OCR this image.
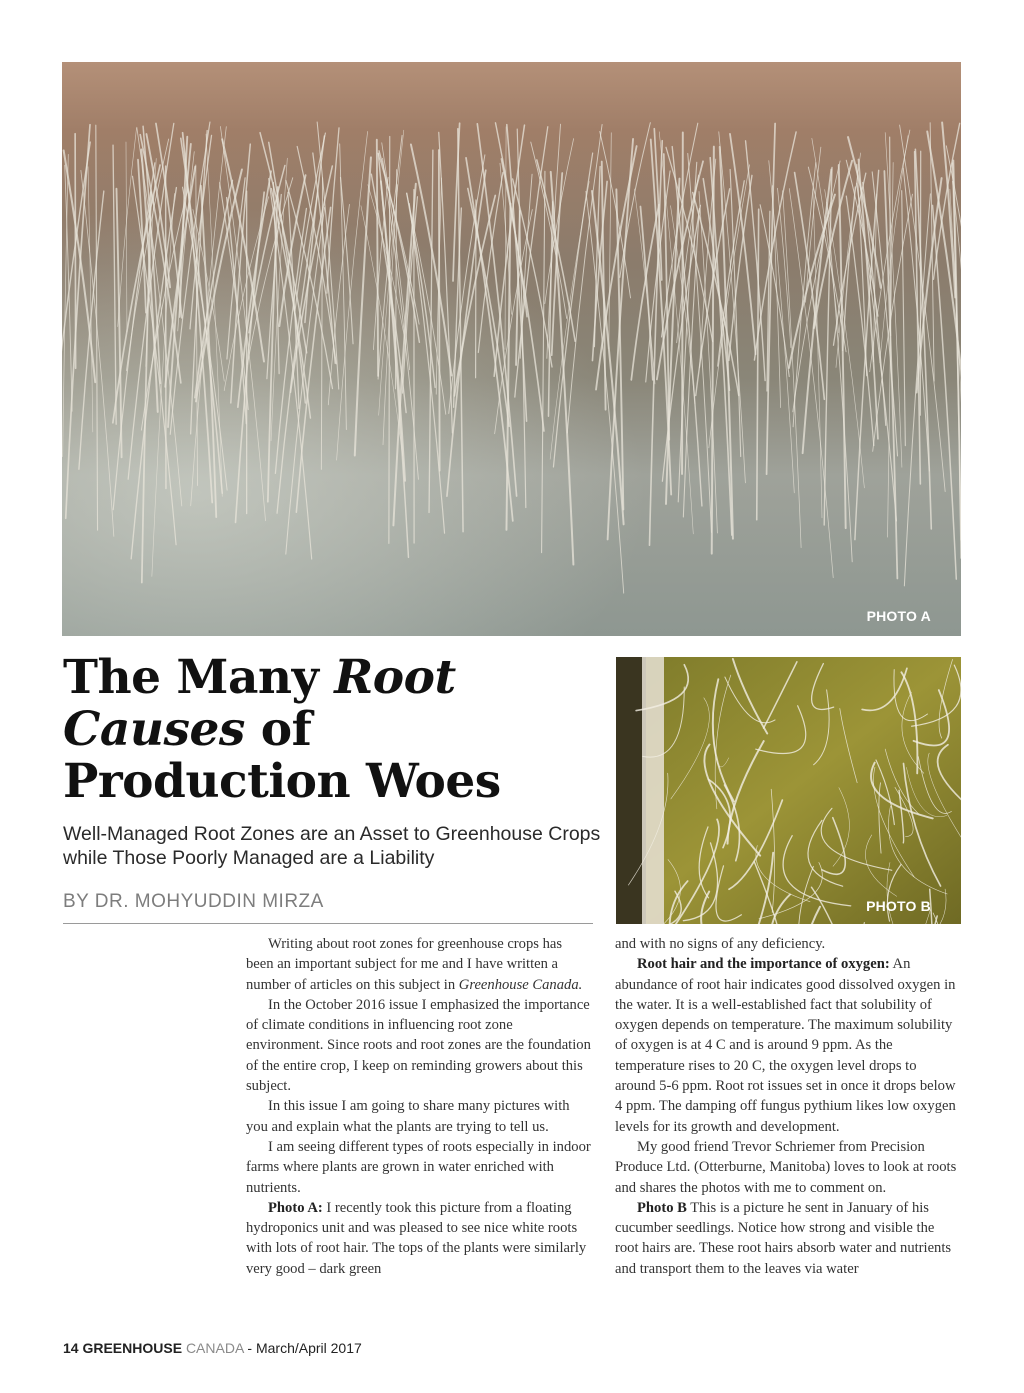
PHOTO A
The Many Root Causes of Production Woes
Well-Managed Root Zones are an Asset to Greenhouse Crops while Those Poorly Managed are a Liability
BY DR. MOHYUDDIN MIRZA	PHOTO B

Writing about root zones for greenhouse crops has been an important subject for me and I have written a number of articles on this subject in Greenhouse Canada.

In the October 2016 issue I emphasized the importance of climate conditions in influencing root zone environment. Since roots and root zones are the foundation of the entire crop, I keep on reminding growers about this subject.

In this issue I am going to share many pictures with you and explain what the plants are trying to tell us.

I am seeing different types of roots especially in indoor farms where plants are grown in water enriched with nutrients.

Photo A: I recently took this picture from a floating hydroponics unit and was pleased to see nice white roots with lots of root hair. The tops of the plants were similarly very good – dark green

and with no signs of any deficiency.

Root hair and the importance of oxygen: An abundance of root hair indicates good dissolved oxygen in the water. It is a well-established fact that solubility of oxygen depends on temperature. The maximum solubility of oxygen is at 4 C and is around 9 ppm. As the temperature rises to 20 C, the oxygen level drops to around 5-6 ppm. Root rot issues set in once it drops below 4 ppm. The damping off fungus pythium likes low oxygen levels for its growth and development.

My good friend Trevor Schriemer from Precision Produce Ltd. (Otterburne, Manitoba) loves to look at roots and shares the photos with me to comment on.

Photo B This is a picture he sent in January of his cucumber seedlings. Notice how strong and visible the root hairs are. These root hairs absorb water and nutrients and transport them to the leaves via water

14 GREENHOUSE CANADA - March/April 2017
